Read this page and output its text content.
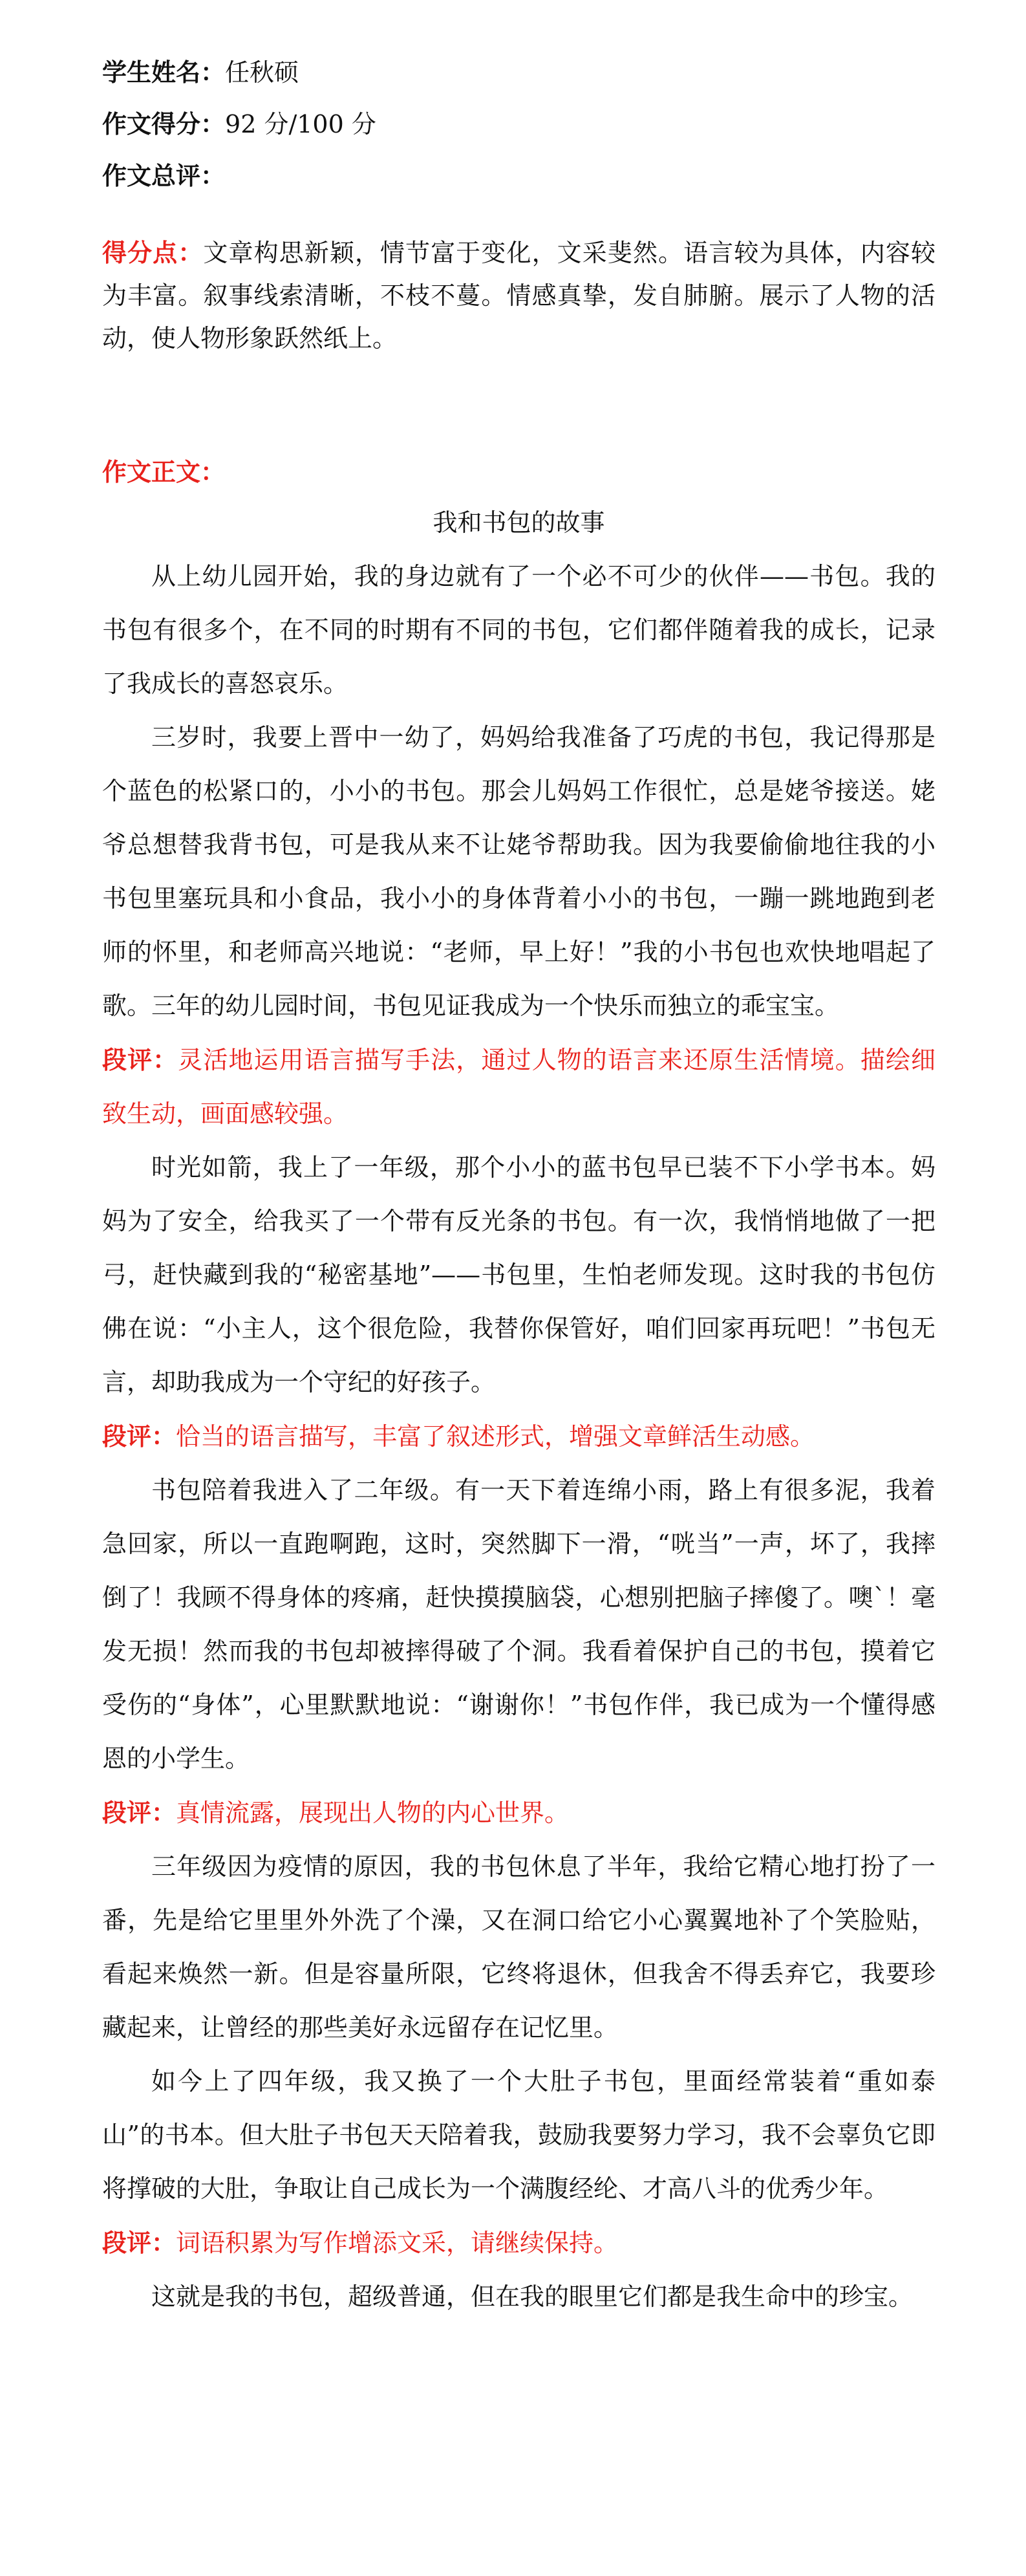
学生姓名：任秋硕
作文得分：92 分/100 分
作文总评：
得分点：文章构思新颖，情节富于变化，文采斐然。语言较为具体，内容较为丰富。叙事线索清晰，不枝不蔓。情感真挚，发自肺腑。展示了人物的活动，使人物形象跃然纸上。
作文正文：
我和书包的故事

从上幼儿园开始，我的身边就有了一个必不可少的伙伴——书包。我的书包有很多个，在不同的时期有不同的书包，它们都伴随着我的成长，记录了我成长的喜怒哀乐。

三岁时，我要上晋中一幼了，妈妈给我准备了巧虎的书包，我记得那是个蓝色的松紧口的，小小的书包。那会儿妈妈工作很忙，总是姥爷接送。姥爷总想替我背书包，可是我从来不让姥爷帮助我。因为我要偷偷地往我的小书包里塞玩具和小食品，我小小的身体背着小小的书包，一蹦一跳地跑到老师的怀里，和老师高兴地说：“老师，早上好！”我的小书包也欢快地唱起了歌。三年的幼儿园时间，书包见证我成为一个快乐而独立的乖宝宝。

段评：灵活地运用语言描写手法，通过人物的语言来还原生活情境。描绘细致生动，画面感较强。

时光如箭，我上了一年级，那个小小的蓝书包早已装不下小学书本。妈妈为了安全，给我买了一个带有反光条的书包。有一次，我悄悄地做了一把弓，赶快藏到我的“秘密基地”——书包里，生怕老师发现。这时我的书包仿佛在说：“小主人，这个很危险，我替你保管好，咱们回家再玩吧！”书包无言，却助我成为一个守纪的好孩子。

段评：恰当的语言描写，丰富了叙述形式，增强文章鲜活生动感。

书包陪着我进入了二年级。有一天下着连绵小雨，路上有很多泥，我着急回家，所以一直跑啊跑，这时，突然脚下一滑，“咣当”一声，坏了，我摔倒了！我顾不得身体的疼痛，赶快摸摸脑袋，心想别把脑子摔傻了。噢`！毫发无损！然而我的书包却被摔得破了个洞。我看着保护自己的书包，摸着它受伤的“身体”，心里默默地说：“谢谢你！”书包作伴，我已成为一个懂得感恩的小学生。

段评：真情流露，展现出人物的内心世界。

三年级因为疫情的原因，我的书包休息了半年，我给它精心地打扮了一番，先是给它里里外外洗了个澡，又在洞口给它小心翼翼地补了个笑脸贴，看起来焕然一新。但是容量所限，它终将退休，但我舍不得丢弃它，我要珍藏起来，让曾经的那些美好永远留存在记忆里。

如今上了四年级，我又换了一个大肚子书包，里面经常装着“重如泰山”的书本。但大肚子书包天天陪着我，鼓励我要努力学习，我不会辜负它即将撑破的大肚，争取让自己成长为一个满腹经纶、才高八斗的优秀少年。

段评：词语积累为写作增添文采，请继续保持。

这就是我的书包，超级普通，但在我的眼里它们都是我生命中的珍宝。
